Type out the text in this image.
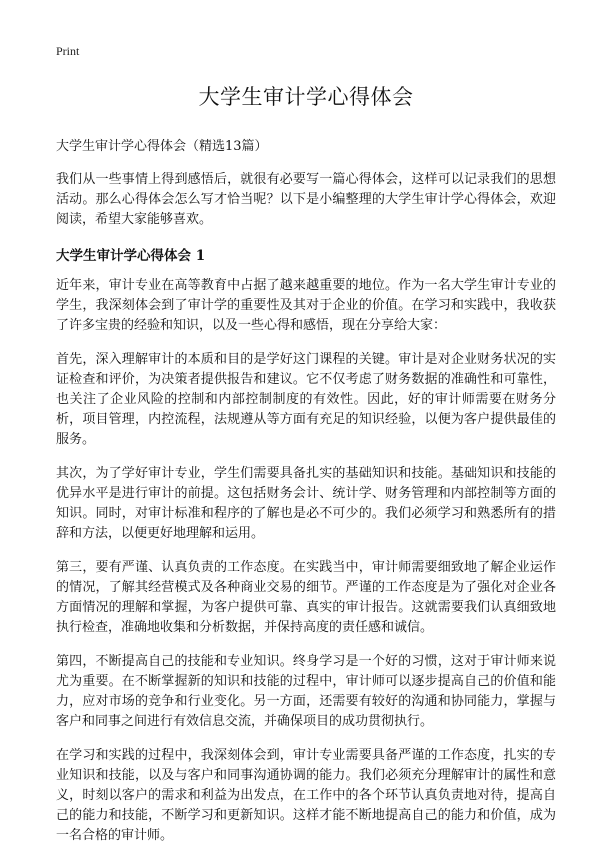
Print
大学生审计学心得体会
大学生审计学心得体会（精选13篇）

我们从一些事情上得到感悟后，就很有必要写一篇心得体会，这样可以记录我们的思想活动。那么心得体会怎么写才恰当呢？以下是小编整理的大学生审计学心得体会，欢迎阅读，希望大家能够喜欢。

大学生审计学心得体会 1

近年来，审计专业在高等教育中占据了越来越重要的地位。作为一名大学生审计专业的学生，我深刻体会到了审计学的重要性及其对于企业的价值。在学习和实践中，我收获了许多宝贵的经验和知识，以及一些心得和感悟，现在分享给大家：

首先，深入理解审计的本质和目的是学好这门课程的关键。审计是对企业财务状况的实证检查和评价，为决策者提供报告和建议。它不仅考虑了财务数据的准确性和可靠性，也关注了企业风险的控制和内部控制制度的有效性。因此，好的审计师需要在财务分析，项目管理，内控流程，法规遵从等方面有充足的知识经验，以便为客户提供最佳的服务。

其次，为了学好审计专业，学生们需要具备扎实的基础知识和技能。基础知识和技能的优异水平是进行审计的前提。这包括财务会计、统计学、财务管理和内部控制等方面的知识。同时，对审计标准和程序的了解也是必不可少的。我们必须学习和熟悉所有的措辞和方法，以便更好地理解和运用。

第三，要有严谨、认真负责的工作态度。在实践当中，审计师需要细致地了解企业运作的情况，了解其经营模式及各种商业交易的细节。严谨的工作态度是为了强化对企业各方面情况的理解和掌握，为客户提供可靠、真实的审计报告。这就需要我们认真细致地执行检查，准确地收集和分析数据，并保持高度的责任感和诚信。

第四，不断提高自己的技能和专业知识。终身学习是一个好的习惯，这对于审计师来说尤为重要。在不断掌握新的知识和技能的过程中，审计师可以逐步提高自己的价值和能力，应对市场的竞争和行业变化。另一方面，还需要有较好的沟通和协同能力，掌握与客户和同事之间进行有效信息交流，并确保项目的成功贯彻执行。

在学习和实践的过程中，我深刻体会到，审计专业需要具备严谨的工作态度，扎实的专业知识和技能，以及与客户和同事沟通协调的能力。我们必须充分理解审计的属性和意义，时刻以客户的需求和利益为出发点，在工作中的各个环节认真负责地对待，提高自己的能力和技能，不断学习和更新知识。这样才能不断地提高自己的能力和价值，成为一名合格的审计师。
